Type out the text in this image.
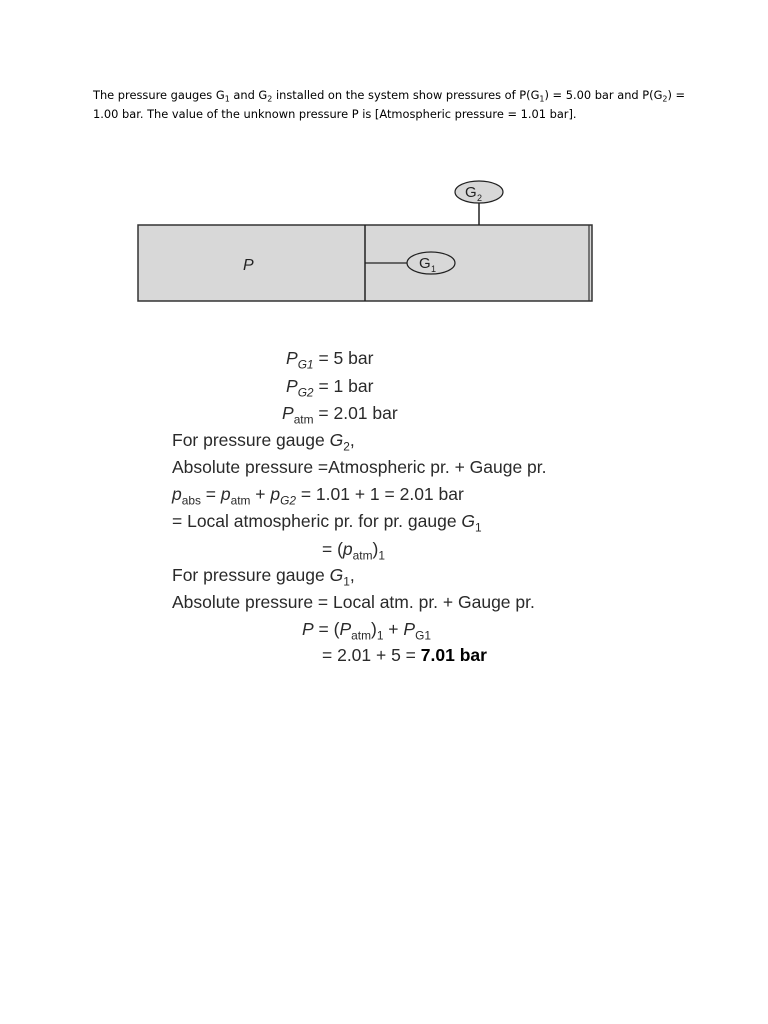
The pressure gauges $G_1$ and $G_2$ installed on the system show pressures of $P(G_1) = 5.00$ bar and $P(G_2) = 1.00$ bar. The value of the unknown pressure P is [Atmospheric pressure = 1.01 bar].
G 1
G 2
P
$P_{G1} = 5$ bar
$P_{G2} = 1$ bar
$P_{atm} = 2.01$ bar
For pressure gauge $G_2$,
Absolute pressure =Atmospheric pr. + Gauge pr.
$p_{abs} = p_{atm} + p_{G2} = 1.01 + 1 = 2.01$ bar
= Local atmospheric pr. for pr. gauge $G_1$
= $(p_{atm})_1$
For pressure gauge $G_1$,
Absolute pressure = Local atm. pr. + Gauge pr.
$P = (P_{atm})_1 + P_{G1}$
= 2.01 + 5 = 7.01 bar
